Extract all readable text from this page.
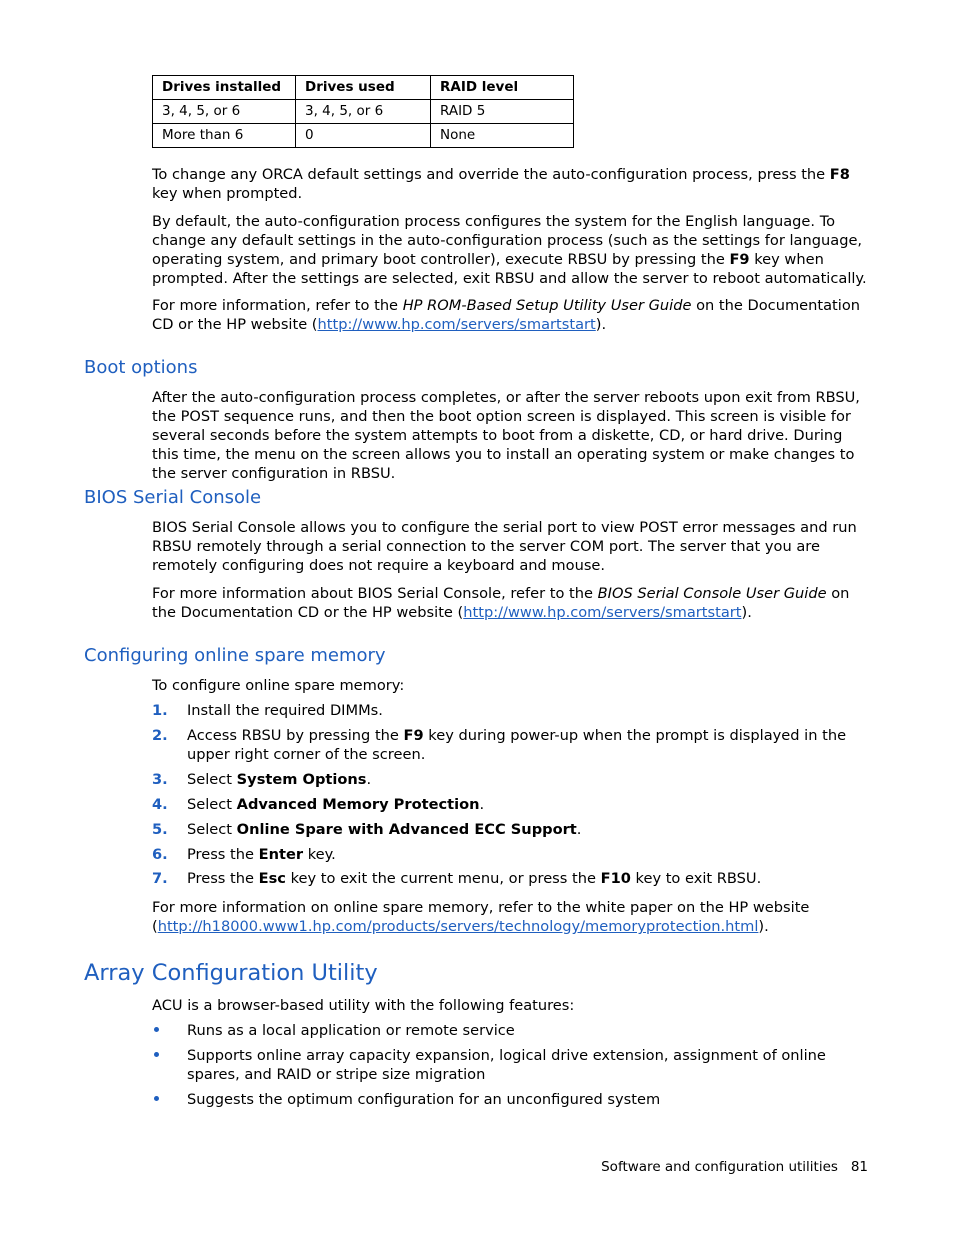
Drives installed	Drives used	RAID level
3, 4, 5, or 6	3, 4, 5, or 6	RAID 5
More than 6	0	None

To change any ORCA default settings and override the auto-configuration process, press the F8 key when prompted.

By default, the auto-configuration process configures the system for the English language. To change any default settings in the auto-configuration process (such as the settings for language, operating system, and primary boot controller), execute RBSU by pressing the F9 key when prompted. After the settings are selected, exit RBSU and allow the server to reboot automatically.

For more information, refer to the HP ROM-Based Setup Utility User Guide on the Documentation CD or the HP website (http://www.hp.com/servers/smartstart).

Boot options

After the auto-configuration process completes, or after the server reboots upon exit from RBSU, the POST sequence runs, and then the boot option screen is displayed. This screen is visible for several seconds before the system attempts to boot from a diskette, CD, or hard drive. During this time, the menu on the screen allows you to install an operating system or make changes to the server configuration in RBSU.

BIOS Serial Console

BIOS Serial Console allows you to configure the serial port to view POST error messages and run RBSU remotely through a serial connection to the server COM port. The server that you are remotely configuring does not require a keyboard and mouse.

For more information about BIOS Serial Console, refer to the BIOS Serial Console User Guide on the Documentation CD or the HP website (http://www.hp.com/servers/smartstart).

Configuring online spare memory

To configure online spare memory:

1. Install the required DIMMs.
2. Access RBSU by pressing the F9 key during power-up when the prompt is displayed in the upper right corner of the screen.
3. Select System Options.
4. Select Advanced Memory Protection.
5. Select Online Spare with Advanced ECC Support.
6. Press the Enter key.
7. Press the Esc key to exit the current menu, or press the F10 key to exit RBSU.

For more information on online spare memory, refer to the white paper on the HP website (http://h18000.www1.hp.com/products/servers/technology/memoryprotection.html).

Array Configuration Utility

ACU is a browser-based utility with the following features:

Runs as a local application or remote service
Supports online array capacity expansion, logical drive extension, assignment of online spares, and RAID or stripe size migration
Suggests the optimum configuration for an unconfigured system
Software and configuration utilities 81
